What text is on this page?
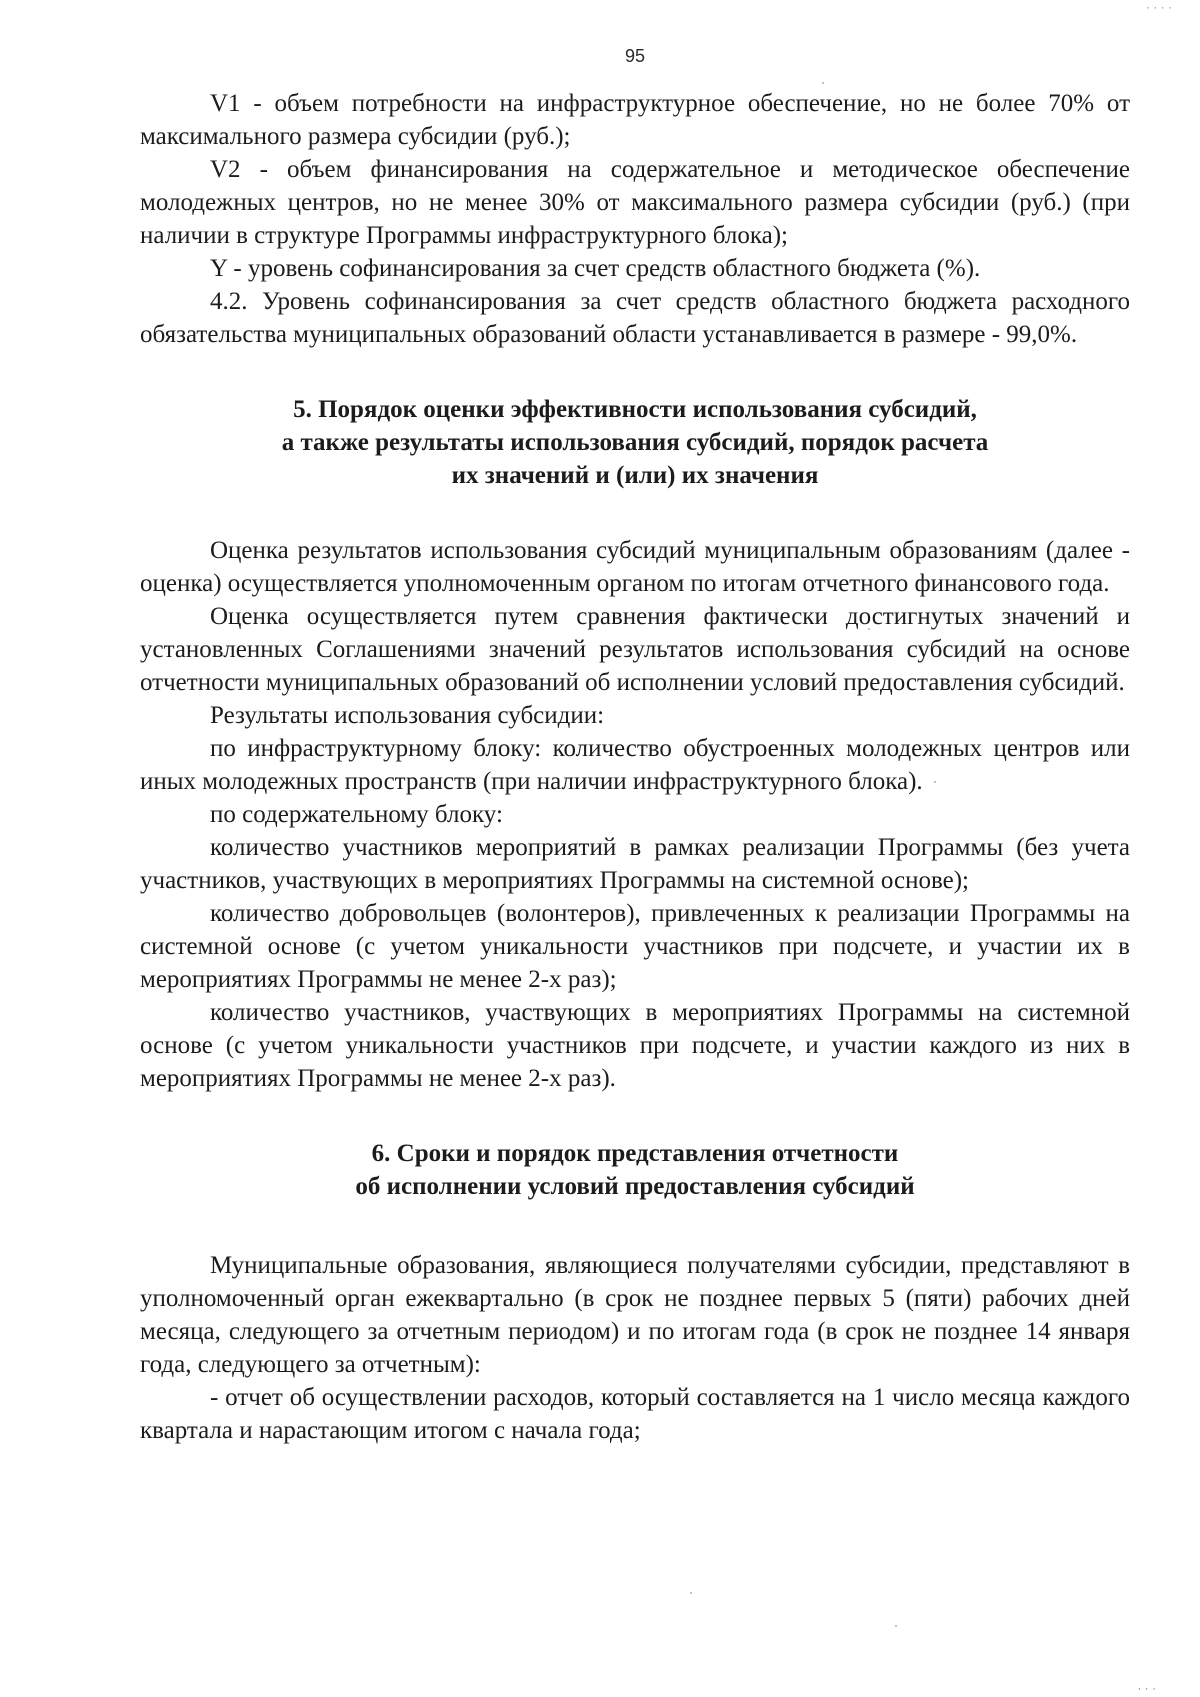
· · · ·
· · ·
95

V1 - объем потребности на инфраструктурное обеспечение, но не более 70% от максимального размера субсидии (руб.);

V2 - объем финансирования на содержательное и методическое обеспечение молодежных центров, но не менее 30% от максимального размера субсидии (руб.) (при наличии в структуре Программы инфраструктурного блока);

Y - уровень софинансирования за счет средств областного бюджета (%).

4.2. Уровень софинансирования за счет средств областного бюджета расходного обязательства муниципальных образований области устанавливается в размере - 99,0%.

5. Порядок оценки эффективности использования субсидий,
а также результаты использования субсидий, порядок расчета
их значений и (или) их значения

Оценка результатов использования субсидий муниципальным образованиям (далее - оценка) осуществляется уполномоченным органом по итогам отчетного финансового года.

Оценка осуществляется путем сравнения фактически достигнутых значений и установленных Соглашениями значений результатов использования субсидий на основе отчетности муниципальных образований об исполнении условий предоставления субсидий.

Результаты использования субсидии:

по инфраструктурному блоку: количество обустроенных молодежных центров или иных молодежных пространств (при наличии инфраструктурного блока).

по содержательному блоку:

количество участников мероприятий в рамках реализации Программы (без учета участников, участвующих в мероприятиях Программы на системной основе);

количество добровольцев (волонтеров), привлеченных к реализации Программы на системной основе (с учетом уникальности участников при подсчете, и участии их в мероприятиях Программы не менее 2-х раз);

количество участников, участвующих в мероприятиях Программы на системной основе (с учетом уникальности участников при подсчете, и участии каждого из них в мероприятиях Программы не менее 2-х раз).

6. Сроки и порядок представления отчетности
об исполнении условий предоставления субсидий

Муниципальные образования, являющиеся получателями субсидии, представляют в уполномоченный орган ежеквартально (в срок не позднее первых 5 (пяти) рабочих дней месяца, следующего за отчетным периодом) и по итогам года (в срок не позднее 14 января года, следующего за отчетным):

- отчет об осуществлении расходов, который составляется на 1 число месяца каждого квартала и нарастающим итогом с начала года;
